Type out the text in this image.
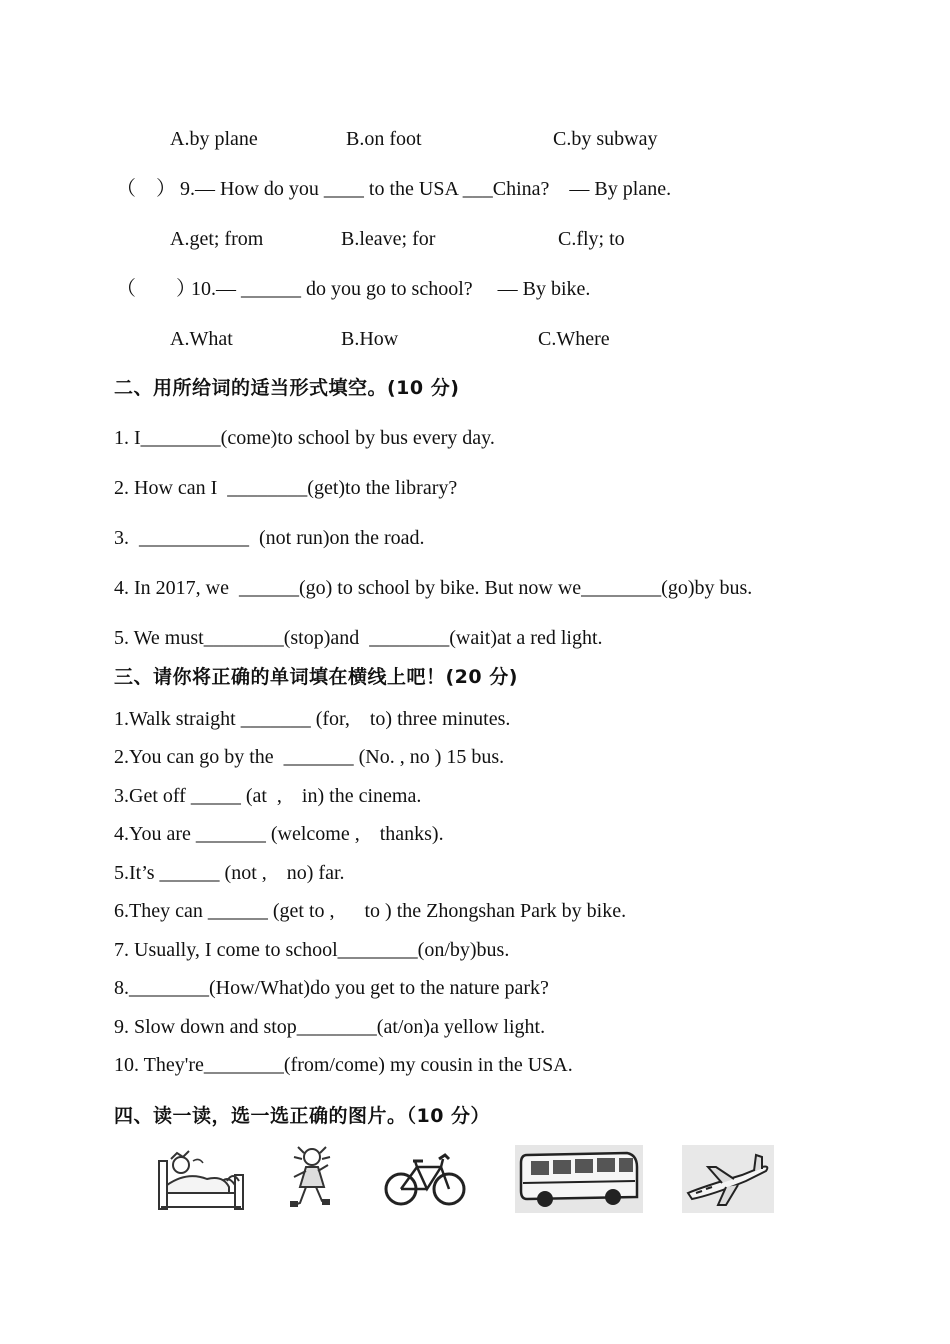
A.by plane	B.on foot	C.by subway
（　） 9.— How do you ____ to the USA ___China?　— By plane.
A.get; from	B.leave; for	C.fly; to
（　　）
10.— ______ do you go to school?　 — By bike.
A.What	B.How	C.Where
二、用所给词的适当形式填空。(10 分)
1. I________(come)to school by bus every day.
2. How can I  ________(get)to the library?
3.  ___________  (not run)on the road.
4. In 2017, we  ______(go) to school by bike. But now we________(go)by bus.
5. We must________(stop)and  ________(wait)at a red light.
三、请你将正确的单词填在横线上吧！(20 分)
1.Walk straight _______ (for,　to) three minutes.
2.You can go by the  _______ (No. , no ) 15 bus.
3.Get off _____ (at  ,　in) the cinema.
4.You are _______ (welcome ,　thanks).
5.It’s ______ (not ,　no) far.
6.They can ______ (get to ,　  to ) the Zhongshan Park by bike.
7. Usually, I come to school________(on/by)bus.
8.________(How/What)do you get to the nature park?
9. Slow down and stop________(at/on)a yellow light.
10. They're________(from/come) my cousin in the USA.
四、读一读，选一选正确的图片。（10 分）
